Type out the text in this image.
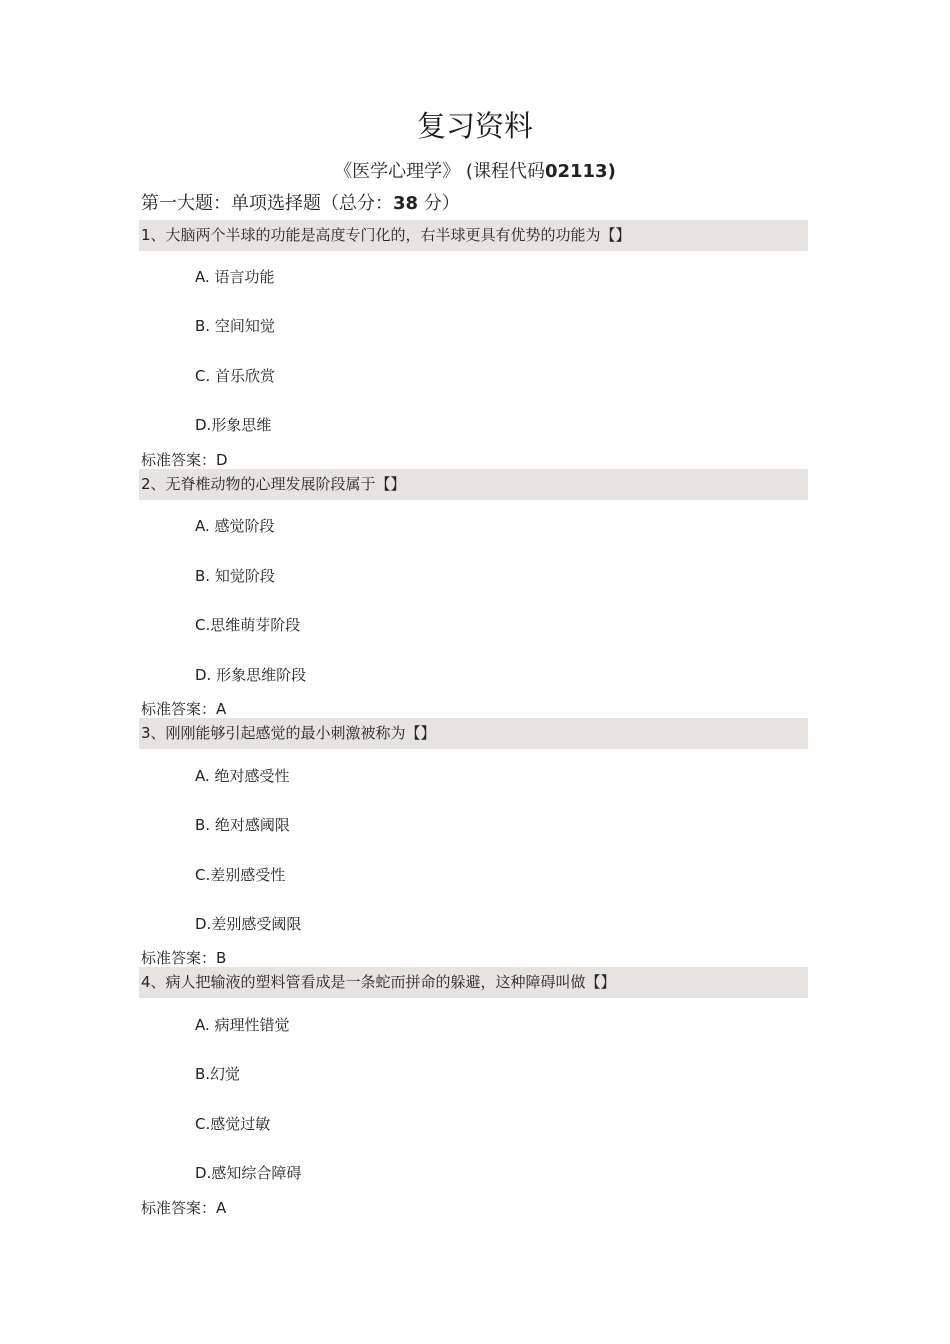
复习资料
《医学心理学》 (课程代码02113)
第一大题：单项选择题（总分：38 分）
1、大脑两个半球的功能是高度专门化的，右半球更具有优势的功能为【】
A. 语言功能
B. 空间知觉
C. 首乐欣赏
D.形象思维
标准答案：D
2、无脊椎动物的心理发展阶段属于【】
A. 感觉阶段
B. 知觉阶段
C.思维萌芽阶段
D. 形象思维阶段
标准答案：A
3、刚刚能够引起感觉的最小刺激被称为【】
A. 绝对感受性
B. 绝对感阈限
C.差别感受性
D.差别感受阈限
标准答案：B
4、病人把输液的塑料管看成是一条蛇而拼命的躲避，这种障碍叫做【】
A. 病理性错觉
B.幻觉
C.感觉过敏
D.感知综合障碍
标准答案：A
